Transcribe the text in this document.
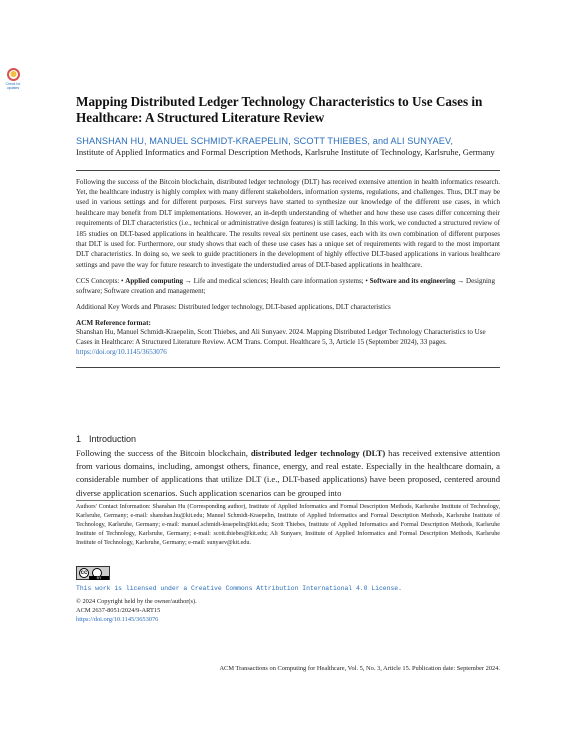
Check for updates
Mapping Distributed Ledger Technology Characteristics to Use Cases in Healthcare: A Structured Literature Review
SHANSHAN HU, MANUEL SCHMIDT-KRAEPELIN, SCOTT THIEBES, and ALI SUNYAEV,
Institute of Applied Informatics and Formal Description Methods, Karlsruhe Institute of Technology, Karlsruhe, Germany

Following the success of the Bitcoin blockchain, distributed ledger technology (DLT) has received extensive attention in health informatics research. Yet, the healthcare industry is highly complex with many different stakeholders, information systems, regulations, and challenges. Thus, DLT may be used in various settings and for different purposes. First surveys have started to synthesize our knowledge of the different use cases, in which healthcare may benefit from DLT implementations. However, an in-depth understanding of whether and how these use cases differ concerning their requirements of DLT characteristics (i.e., technical or administrative design features) is still lacking. In this work, we conducted a structured review of 185 studies on DLT-based applications in healthcare. The results reveal six pertinent use cases, each with its own combination of different purposes that DLT is used for. Furthermore, our study shows that each of these use cases has a unique set of requirements with regard to the most important DLT characteristics. In doing so, we seek to guide practitioners in the development of highly effective DLT-based applications in various healthcare settings and pave the way for future research to investigate the understudied areas of DLT-based applications in healthcare.

CCS Concepts: • Applied computing → Life and medical sciences; Health care information systems; • Software and its engineering → Designing software; Software creation and management;

Additional Key Words and Phrases: Distributed ledger technology, DLT-based applications, DLT characteristics

ACM Reference format:

Shanshan Hu, Manuel Schmidt-Kraepelin, Scott Thiebes, and Ali Sunyaev. 2024. Mapping Distributed Ledger Technology Characteristics to Use Cases in Healthcare: A Structured Literature Review. ACM Trans. Comput. Healthcare 5, 3, Article 15 (September 2024), 33 pages.
https://doi.org/10.1145/3653076

1 Introduction

Following the success of the Bitcoin blockchain, distributed ledger technology (DLT) has received extensive attention from various domains, including, amongst others, finance, energy, and real estate. Especially in the healthcare domain, a considerable number of applications that utilize DLT (i.e., DLT-based applications) have been proposed, centered around diverse application scenarios. Such application scenarios can be grouped into

Authors' Contact Information: Shanshan Hu (Corresponding author), Institute of Applied Informatics and Formal Description Methods, Karlsruhe Institute of Technology, Karlsruhe, Germany; e-mail: shanshan.hu@kit.edu; Manuel Schmidt-Kraepelin, Institute of Applied Informatics and Formal Description Methods, Karlsruhe Institute of Technology, Karlsruhe, Germany; e-mail: manuel.schmidt-kraepelin@kit.edu; Scott Thiebes, Institute of Applied Informatics and Formal Description Methods, Karlsruhe Institute of Technology, Karlsruhe, Germany; e-mail: scott.thiebes@kit.edu; Ali Sunyaev, Institute of Applied Informatics and Formal Description Methods, Karlsruhe Institute of Technology, Karlsruhe, Germany; e-mail: sunyaev@kit.edu.

cc
BY
This work is licensed under a Creative Commons Attribution International 4.0 License.

© 2024 Copyright held by the owner/author(s).
ACM 2637-8051/2024/9-ART15
https://doi.org/10.1145/3653076

ACM Transactions on Computing for Healthcare, Vol. 5, No. 3, Article 15. Publication date: September 2024.
